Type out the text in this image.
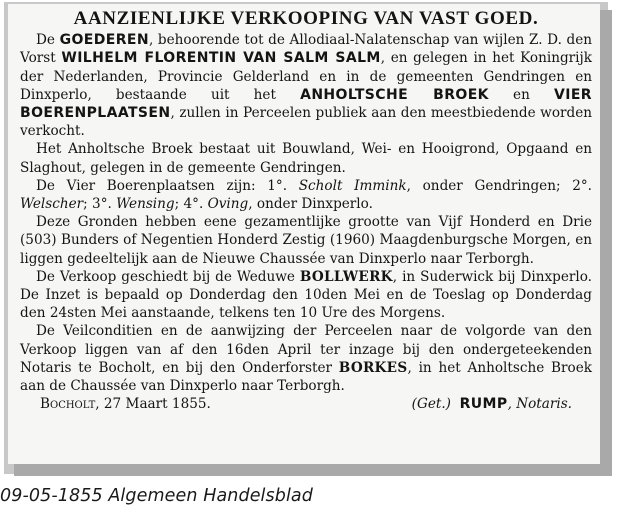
AANZIENLIJKE VERKOOPING VAN VAST GOED.
De GOEDEREN, behoorende tot de Allodiaal-Nalatenschap van wijlen Z. D. den Vorst WILHELM FLORENTIN VAN SALM SALM, en gelegen in het Koningrijk der Nederlanden, Provincie Gelderland en in de gemeenten Gendringen en Dinxperlo, bestaande uit het ANHOLTSCHE BROEK en VIER BOERENPLAATSEN, zullen in Perceelen publiek aan den meestbiedende worden verkocht.
Het Anholtsche Broek bestaat uit Bouwland, Wei- en Hooigrond, Opgaand en Slaghout, gelegen in de gemeente Gendringen.
De Vier Boerenplaatsen zijn: 1°. Scholt Immink, onder Gendringen; 2°. Welscher; 3°. Wensing; 4°. Oving, onder Dinxperlo.
Deze Gronden hebben eene gezamentlijke grootte van Vijf Honderd en Drie (503) Bunders of Negentien Honderd Zestig (1960) Maagdenburgsche Morgen, en liggen gedeeltelijk aan de Nieuwe Chaussée van Dinxperlo naar Terborgh.
De Verkoop geschiedt bij de Weduwe BOLLWERK, in Suderwick bij Dinxperlo. De Inzet is bepaald op Donderdag den 10den Mei en de Toeslag op Donderdag den 24sten Mei aanstaande, telkens ten 10 Ure des Morgens.
De Veilconditien en de aanwijzing der Perceelen naar de volgorde van den Verkoop liggen van af den 16den April ter inzage bij den ondergeteekenden Notaris te Bocholt, en bij den Onderforster BORKES, in het Anholtsche Broek aan de Chaussée van Dinxperlo naar Terborgh.
Bocholt, 27 Maart 1855.	(Get.) RUMP, Notaris.
09-05-1855 Algemeen Handelsblad
